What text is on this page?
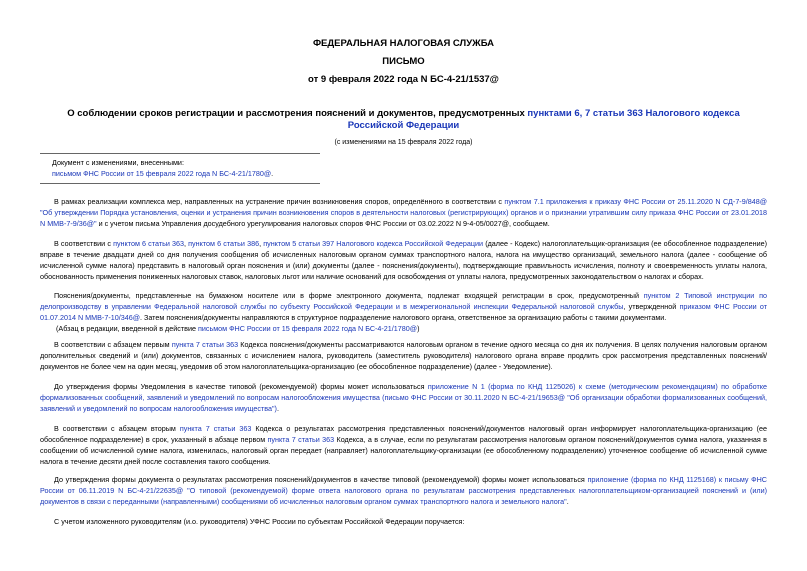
ФЕДЕРАЛЬНАЯ НАЛОГОВАЯ СЛУЖБА
ПИСЬМО
от 9 февраля 2022 года N БС-4-21/1537@
О соблюдении сроков регистрации и рассмотрения пояснений и документов, предусмотренных пунктами 6, 7 статьи 363 Налогового кодекса Российской Федерации
(с изменениями на 15 февраля 2022 года)
Документ с изменениями, внесенными:
письмом ФНС России от 15 февраля 2022 года N БС-4-21/1780@.
В рамках реализации комплекса мер, направленных на устранение причин возникновения споров, определённого в соответствии с пунктом 7.1 приложения к приказу ФНС России от 25.11.2020 N СД-7-9/848@ "Об утверждении Порядка установления, оценки и устранения причин возникновения споров в деятельности налоговых (регистрирующих) органов и о признании утратившим силу приказа ФНС России от 23.01.2018 N ММВ-7-9/36@" и с учетом письма Управления досудебного урегулирования налоговых споров ФНС России от 03.02.2022 N 9-4-05/0027@, сообщаем.
В соответствии с пунктом 6 статьи 363, пунктом 6 статьи 386, пунктом 5 статьи 397 Налогового кодекса Российской Федерации (далее - Кодекс) налогоплательщик-организация (ее обособленное подразделение) вправе в течение двадцати дней со дня получения сообщения об исчисленных налоговым органом суммах транспортного налога, налога на имущество организаций, земельного налога (далее - сообщение об исчисленной сумме налога) представить в налоговый орган пояснения и (или) документы (далее - пояснения/документы), подтверждающие правильность исчисления, полноту и своевременность уплаты налога, обоснованность применения пониженных налоговых ставок, налоговых льгот или наличие оснований для освобождения от уплаты налога, предусмотренных законодательством о налогах и сборах.
Пояснения/документы, представленные на бумажном носителе или в форме электронного документа, подлежат входящей регистрации в срок, предусмотренный пунктом 2 Типовой инструкции по делопроизводству в управлении Федеральной налоговой службы по субъекту Российской Федерации и в межрегиональной инспекции Федеральной налоговой службы, утвержденной приказом ФНС России от 01.07.2014 N ММВ-7-10/346@. Затем пояснения/документы направляются в структурное подразделение налогового органа, ответственное за организацию работы с такими документами.
(Абзац в редакции, введенной в действие письмом ФНС России от 15 февраля 2022 года N БС-4-21/1780@)
В соответствии с абзацем первым пункта 7 статьи 363 Кодекса пояснения/документы рассматриваются налоговым органом в течение одного месяца со дня их получения. В целях получения налоговым органом дополнительных сведений и (или) документов, связанных с исчислением налога, руководитель (заместитель руководителя) налогового органа вправе продлить срок рассмотрения представленных пояснений/документов не более чем на один месяц, уведомив об этом налогоплательщика-организацию (ее обособленное подразделение) (далее - Уведомление).
До утверждения формы Уведомления в качестве типовой (рекомендуемой) формы может использоваться приложение N 1 (форма по КНД 1125026) к схеме (методическим рекомендациям) по обработке формализованных сообщений, заявлений и уведомлений по вопросам налогообложения имущества (письмо ФНС России от 30.11.2020 N БС-4-21/19653@ "Об организации обработки формализованных сообщений, заявлений и уведомлений по вопросам налогообложения имущества").
В соответствии с абзацем вторым пункта 7 статьи 363 Кодекса о результатах рассмотрения представленных пояснений/документов налоговый орган информирует налогоплательщика-организацию (ее обособленное подразделение) в срок, указанный в абзаце первом пункта 7 статьи 363 Кодекса, а в случае, если по результатам рассмотрения налоговым органом пояснений/документов сумма налога, указанная в сообщении об исчисленной сумме налога, изменилась, налоговый орган передает (направляет) налогоплательщику-организации (ее обособленному подразделению) уточненное сообщение об исчисленной сумме налога в течение десяти дней после составления такого сообщения.
До утверждения формы документа о результатах рассмотрения пояснений/документов в качестве типовой (рекомендуемой) формы может использоваться приложение (форма по КНД 1125168) к письму ФНС России от 06.11.2019 N БС-4-21/22635@ "О типовой (рекомендуемой) форме ответа налогового органа по результатам рассмотрения представленных налогоплательщиком-организацией пояснений и (или) документов в связи с переданными (направленными) сообщениями об исчисленных налоговым органом суммах транспортного налога и земельного налога".
С учетом изложенного руководителям (и.о. руководителя) УФНС России по субъектам Российской Федерации поручается:
